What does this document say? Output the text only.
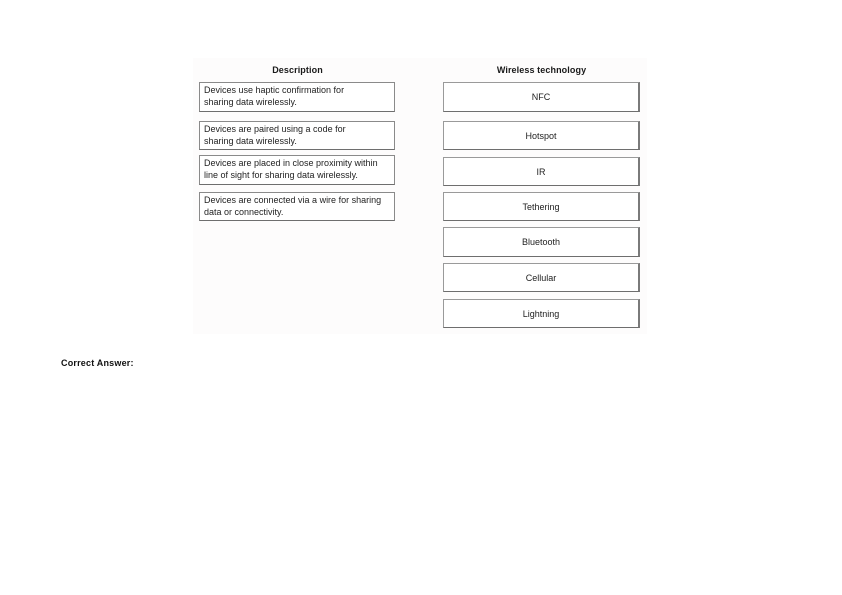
Description	Wireless technology
Devices use haptic confirmation for
sharing data wirelessly.
Devices are paired using a code for
sharing data wirelessly.
Devices are placed in close proximity within
line of sight for sharing data wirelessly.
Devices are connected via a wire for sharing
data or connectivity.
NFC
Hotspot
IR
Tethering
Bluetooth
Cellular
Lightning
Correct Answer:
